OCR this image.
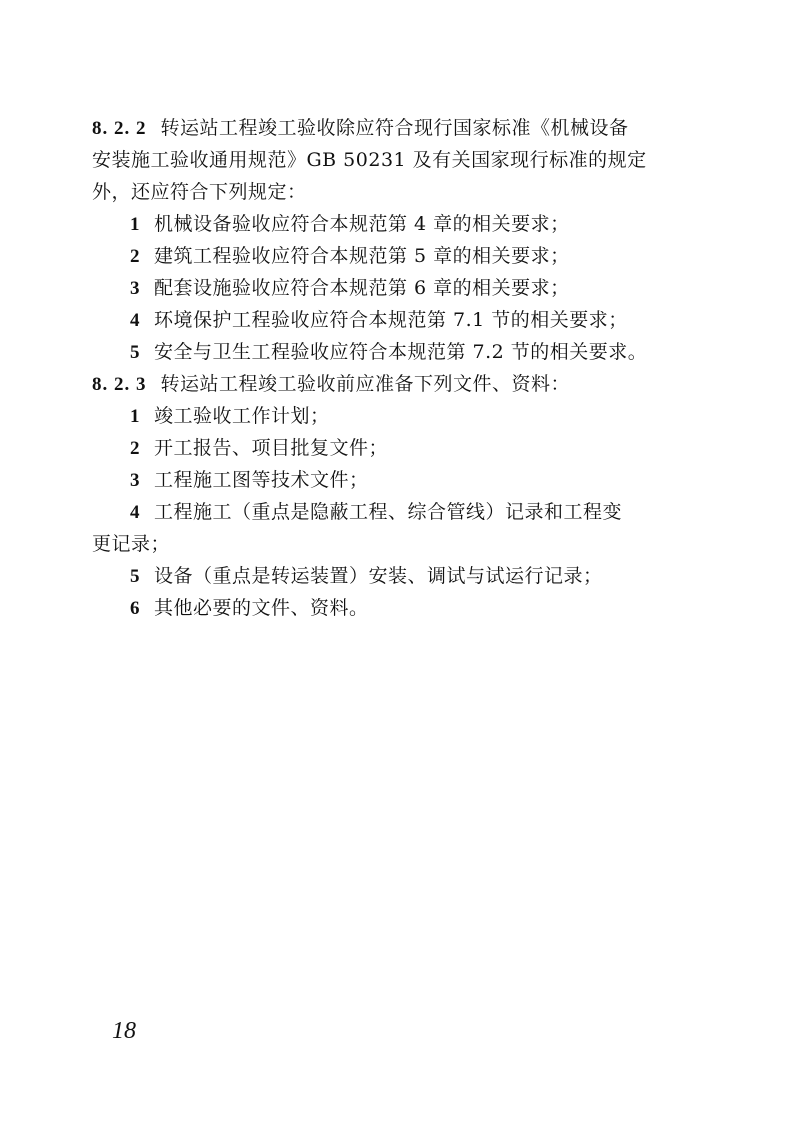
8. 2. 2 转运站工程竣工验收除应符合现行国家标准《机械设备
安装施工验收通用规范》GB 50231 及有关国家现行标准的规定
外，还应符合下列规定：
1 机械设备验收应符合本规范第 4 章的相关要求；
2 建筑工程验收应符合本规范第 5 章的相关要求；
3 配套设施验收应符合本规范第 6 章的相关要求；
4 环境保护工程验收应符合本规范第 7.1 节的相关要求；
5 安全与卫生工程验收应符合本规范第 7.2 节的相关要求。
8. 2. 3 转运站工程竣工验收前应准备下列文件、资料：
1 竣工验收工作计划；
2 开工报告、项目批复文件；
3 工程施工图等技术文件；
4 工程施工（重点是隐蔽工程、综合管线）记录和工程变
更记录；
5 设备（重点是转运装置）安装、调试与试运行记录；
6 其他必要的文件、资料。
18
